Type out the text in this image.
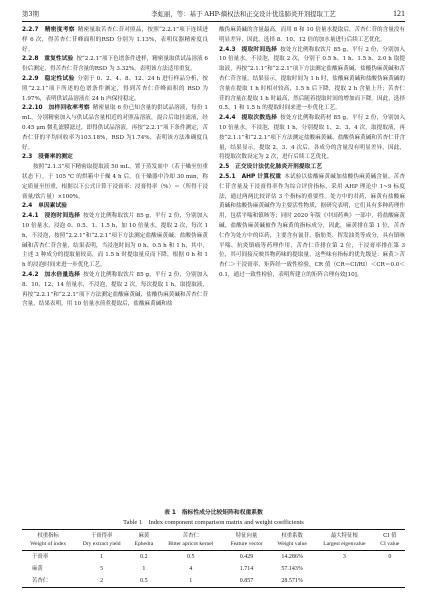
第3期	李虹丽，等：基于 AHP-熵权法和正交设计优选肺炎开剂提取工艺	121

2.2.7　精密度考察 精密量取苦杏仁苷对照品，按照“2.2.1”项下连续进样 6 次，得苦杏仁苷峰面积的RSD 分别为 1.13%，表明仪器精密度良好。

2.2.8　重复性试验 按“2.2.1”项下色谱条件进样，精密量取供试品溶液 6 份后测定，得苦杏仁苷含量的RSD 为 3.32%，表明该方法适用重复。

2.2.9　稳定性试验 分别于 0、2、4、8、12、24 h 进行样品分析，按照“2.2.1”项下所述的色谱条件测定，得到苦杏仁苷峰面积的 RSD 为 1.97%，表明供试品溶液在 24 h 内保持稳定。

2.2.10　加样回收率考察 精密量取 6 份已知含量的供试品溶液，每份 1 mL，分别精密加入与供试品含量相近的对照品溶液，混合后取挂滤液，经 0.45 μm 微孔滤膜滤过，即得供试品溶液，再按“2.2.1”项下条件测定，苦杏仁苷的平均回收率为103.18%，RSD 为1.74%，表明该方法准确度良好。

2.3　浸膏率的测定

按照“2.1.3”项下精密取提取液 50 mL，置于蒸发皿中（若干燥至恒重状态下），于 105 ℃ 的烘箱中干燥 4 h 后，在干燥器中冷却 30 min，称定质量至恒重，根据以下公式计算干浸膏率：浸膏得率（%）＝（所得干浸膏量/饮片量）×100%。

2.4　单因素试验

2.4.1　浸泡时间选择 按处方比例称取饮片 85 g，平行 2 份，分别加入 10 倍量水，浸泡 0、0.5、1、1.5 h，加 10 倍量水，提取 2 次，每次 1 h，不浸泡，按照“2.2.1”和“2.2.1”项下方法测定盐酸麻黄碱、盐酸伪麻黄碱和苦杏仁苷含量，结果表明，当浸泡时间为 0 h、0.5 h 和 1 h，其中，主述 3 种成分的提取量较高，而 1.5 h 时提取量反而下降，根据 0 h 和 1 h 的浸泡时间来进一步优化工艺。

2.4.2　加水倍量选择 按处方比例称取饮片 85 g，平行 2 份，分别加入 8、10、12、14 倍量水，不浸泡，提取 2 次，每次提取 1 h，取提取液，再按“2.2.1”和“2.2.1”项下方法测定盐酸麻黄碱、盐酸伪麻黄碱和苦杏仁苷含量，结果表明，用 10 倍量水煎煮提取后，盐酸麻黄碱和盐

酸伪麻黄碱的含量最高，而用 8 和 10 倍量水提取后，苦杏仁苷的含量没有明显差异，因此，选择 8、10、12 倍的加水量进行后续工艺优化。

2.4.3　提取时间选择 按处方比例称取饮片 85 g，平行 2 份，分别加入 10 倍量水，不浸泡，提取 2 次，分别于 0.5 h、1 h、1.5 h、2.0 h 取提取液，再按“2.1.1”和“2.2.1”项下方法测定盐酸麻黄碱、盐酸伪麻黄碱和苦杏仁苷含量。结果显示，提取时间为 1 h 时，盐酸麻黄碱和盐酸伪麻黄碱的含量在提取 1 h 时相对较高，1.5 h 后下降，提取 2 h 含量上升；苦杏仁苷的含量在提取 1 h 时最高，然后随着提取时间的增加而下降。因此，选择 0.5、1 和 1.5 h 的提取时间来进一步优化工艺。

2.4.4　提取次数选择 按处方比例称取药材 85 g，平行 2 份，分别加入 10 倍量水，不浸泡，提取 1 h，分别提取 1、2、3、4 次，取提取液，再按“2.1.1”和“2.2.1”项下方法测定盐酸麻黄碱、盐酸伪麻黄碱和苦杏仁苷含量，结果显示，提取 2、3、4 次后，各成分的含量没有明显差异，因此，将提取次数设定为 2 次，进行后续工艺优化。

2.5　正交设计法优化肺炎开剂提取工艺

2.5.1　AHP 计算权重 本试验以盐酸麻黄碱加盐酸伪麻黄碱含量、苦杏仁苷含量及干浸膏得率作为综合评价指标，采用 AHP 理论中 1~9 标度法，通过两两比较评估 3 个指标的重要性。处方中的君药，麻黄有盐酸麻黄碱和盐酸伪麻黄碱作为主要活性物质，据研究表明，它们具有多种药理作用，包括平喘和镇咳等；同时 2020 年版《中国药典》一部中，将盐酸麻黄碱、盐酸伪麻黄碱被作为麻黄的指标成分，因此，麻黄排在第 1 位，苦杏仁作为处方中的臣药，主要含有氰苷、脂肪类、挥发油类等成分，具有镇咳平喘、抗炎镇痛等药理作用，苦杏仁苷排在第 2 位，干浸膏率排在第 3 位，其可间接反映其物药味的提取量，这些味有指标的优先级是：麻黄＞苦杏仁＞干浸膏率，矩阵经一致性检验，CR 值（CR＝CI/RI）＜CR＝0.0＜0.1，通过一致性检验，表明所建立的矩阵合理有效[10]。

表 1　指标性成分比较矩阵和权重系数
Table 1　Index component comparison matrix and weight coefficients
权重指标	干膏得率	麻黄	苦杏仁	特征向量	权重系数	最大特征根	CI 值
Weight of index	Dry extract yield	Ephedra	Bitter apricot kernel	Feature vector	Weight value	Largest eigenvalue	CI value
干膏率	1	0.2	0.5	0.429	14.286%	3	0
麻黄	5	1	4	1.714	57.143%		
苦杏仁	2	0.5	1	0.857	28.571%		
